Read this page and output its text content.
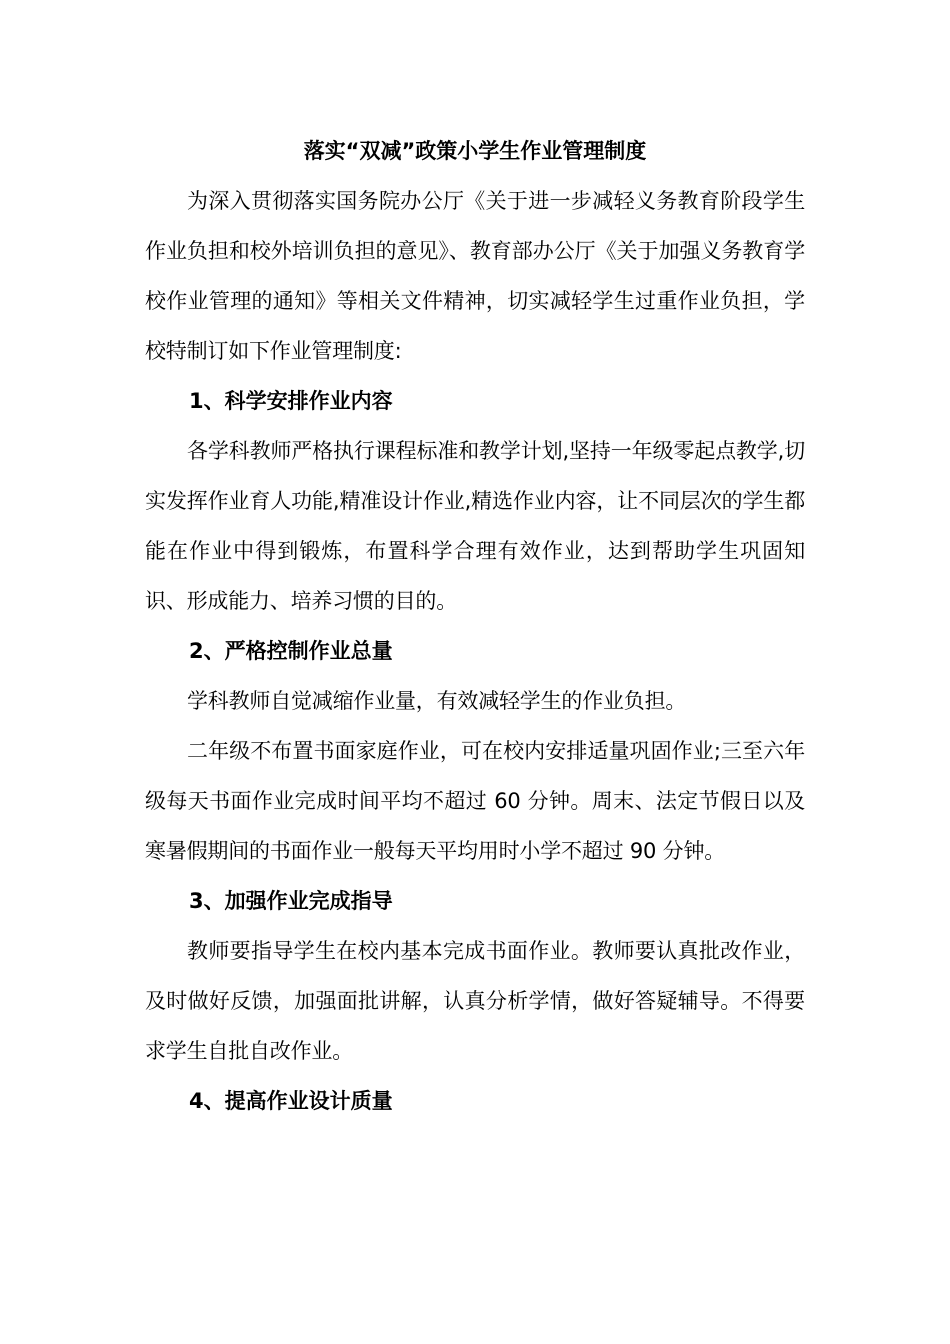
落实“双减”政策小学生作业管理制度

为深入贯彻落实国务院办公厅《关于进一步减轻义务教育阶段学生作业负担和校外培训负担的意见》、教育部办公厅《关于加强义务教育学校作业管理的通知》等相关文件精神，切实减轻学生过重作业负担，学校特制订如下作业管理制度:

1、科学安排作业内容

各学科教师严格执行课程标准和教学计划,坚持一年级零起点教学,切实发挥作业育人功能,精准设计作业,精选作业内容，让不同层次的学生都能在作业中得到锻炼，布置科学合理有效作业，达到帮助学生巩固知识、形成能力、培养习惯的目的。

2、严格控制作业总量

学科教师自觉减缩作业量，有效减轻学生的作业负担。

二年级不布置书面家庭作业，可在校内安排适量巩固作业;三至六年级每天书面作业完成时间平均不超过 60 分钟。周末、法定节假日以及寒暑假期间的书面作业一般每天平均用时小学不超过 90 分钟。

3、加强作业完成指导

教师要指导学生在校内基本完成书面作业。教师要认真批改作业，及时做好反馈，加强面批讲解，认真分析学情，做好答疑辅导。不得要求学生自批自改作业。

4、提高作业设计质量
